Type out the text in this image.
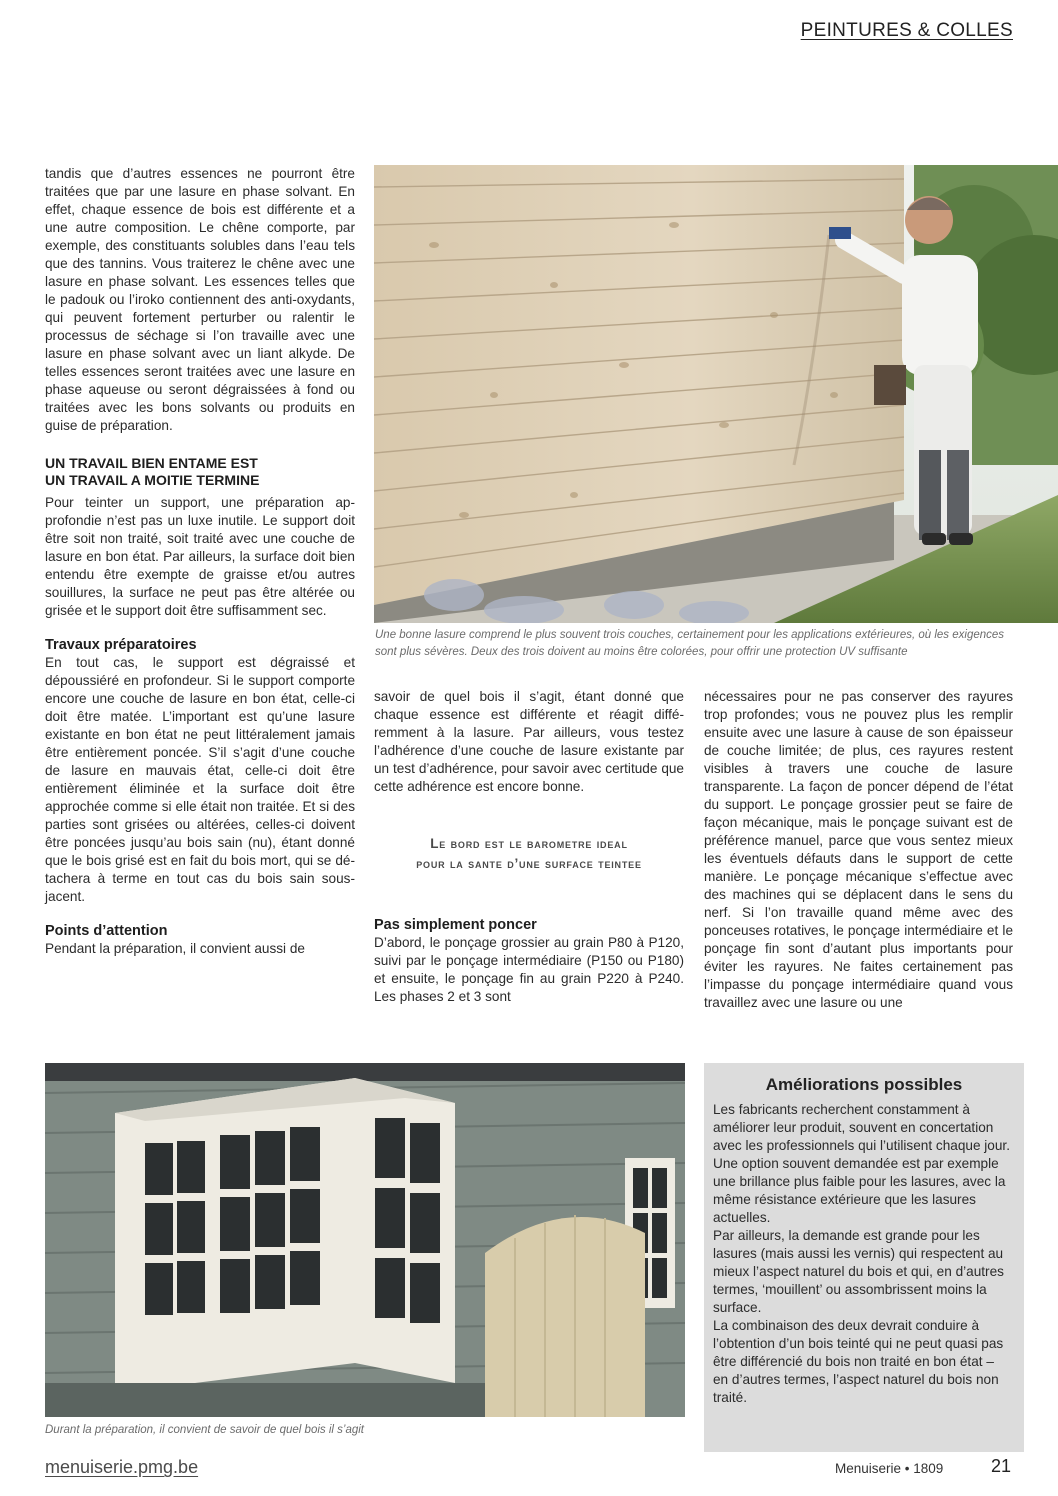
PEINTURES & COLLES

tandis que d’autres essences ne pourront être traitées que par une lasure en phase solvant. En effet, chaque essence de bois est différente et a une autre composition. Le chêne comporte, par exemple, des constituants solubles dans l’eau tels que des tannins. Vous traiterez le chêne avec une lasure en phase solvant. Les essences telles que le padouk ou l’iroko contiennent des anti-oxydants, qui peuvent fortement perturber ou ralentir le processus de séchage si l’on travaille avec une lasure en phase solvant avec un liant alkyde. De telles essences seront traitées avec une lasure en phase aqueuse ou seront dégraissées à fond ou traitées avec les bons solvants ou produits en guise de préparation.

UN TRAVAIL BIEN ENTAME EST

UN TRAVAIL A MOITIE TERMINE

Pour teinter un support, une préparation approfondie n’est pas un luxe inutile. Le support doit être soit non traité, soit traité avec une couche de lasure en bon état. Par ailleurs, la surface doit bien entendu être exempte de graisse et/ou autres souillures, la surface ne peut pas être altérée ou grisée et le support doit être suffisamment sec.

Travaux préparatoires

En tout cas, le support est dégraissé et dépoussiéré en profondeur. Si le support comporte encore une couche de lasure en bon état, celle-ci doit être matée. L’important est qu’une lasure existante en bon état ne peut littéralement jamais être entièrement poncée. S’il s’agit d’une couche de lasure en mauvais état, celle-ci doit être entièrement éliminée et la surface doit être approchée comme si elle était non traitée. Et si des parties sont grisées ou altérées, celles-ci doivent être poncées jusqu’au bois sain (nu), étant donné que le bois grisé est en fait du bois mort, qui se détachera à terme en tout cas du bois sain sous-jacent.

Points d’attention

Pendant la préparation, il convient aussi de

Une bonne lasure comprend le plus souvent trois couches, certainement pour les applications extérieures, où les exigences sont plus sévères. Deux des trois doivent au moins être colorées, pour offrir une protection UV suffisante

savoir de quel bois il s’agit, étant donné que chaque essence est différente et réagit différemment à la lasure. Par ailleurs, vous testez l’adhérence d’une couche de lasure existante par un test d’adhérence, pour savoir avec certitude que cette adhérence est encore bonne.

Le bord est le barometre ideal
pour la sante d’une surface teintee

Pas simplement poncer

D’abord, le ponçage grossier au grain P80 à P120, suivi par le ponçage intermédiaire (P150 ou P180) et ensuite, le ponçage fin au grain P220 à P240. Les phases 2 et 3 sont

nécessaires pour ne pas conserver des rayures trop profondes; vous ne pouvez plus les remplir ensuite avec une lasure à cause de son épaisseur de couche limitée; de plus, ces rayures restent visibles à travers une couche de lasure transparente. La façon de poncer dépend de l’état du support. Le ponçage grossier peut se faire de façon mécanique, mais le ponçage suivant est de préférence manuel, parce que vous sentez mieux les éventuels défauts dans le support de cette manière. Le ponçage mécanique s’effectue avec des machines qui se déplacent dans le sens du nerf. Si l’on travaille quand même avec des ponceuses rotatives, le ponçage intermédiaire et le ponçage fin sont d’autant plus importants pour éviter les rayures. Ne faites certainement pas l’impasse du ponçage intermédiaire quand vous travaillez avec une lasure ou une

Durant la préparation, il convient de savoir de quel bois il s’agit
Améliorations possibles
Les fabricants recherchent constamment à améliorer leur produit, souvent en concertation avec les professionnels qui l’utilisent chaque jour.
Une option souvent demandée est par exemple une brillance plus faible pour les lasures, avec la même résistance extérieure que les lasures actuelles.
Par ailleurs, la demande est grande pour les lasures (mais aussi les vernis) qui respectent au mieux l’aspect naturel du bois et qui, en d’autres termes, ‘mouillent’ ou assombrissent moins la surface.
La combinaison des deux devrait conduire à l’obtention d’un bois teinté qui ne peut quasi pas être différencié du bois non traité en bon état – en d’autres termes, l’aspect naturel du bois non traité.
menuiserie.pmg.be	Menuiserie • 1809	21
